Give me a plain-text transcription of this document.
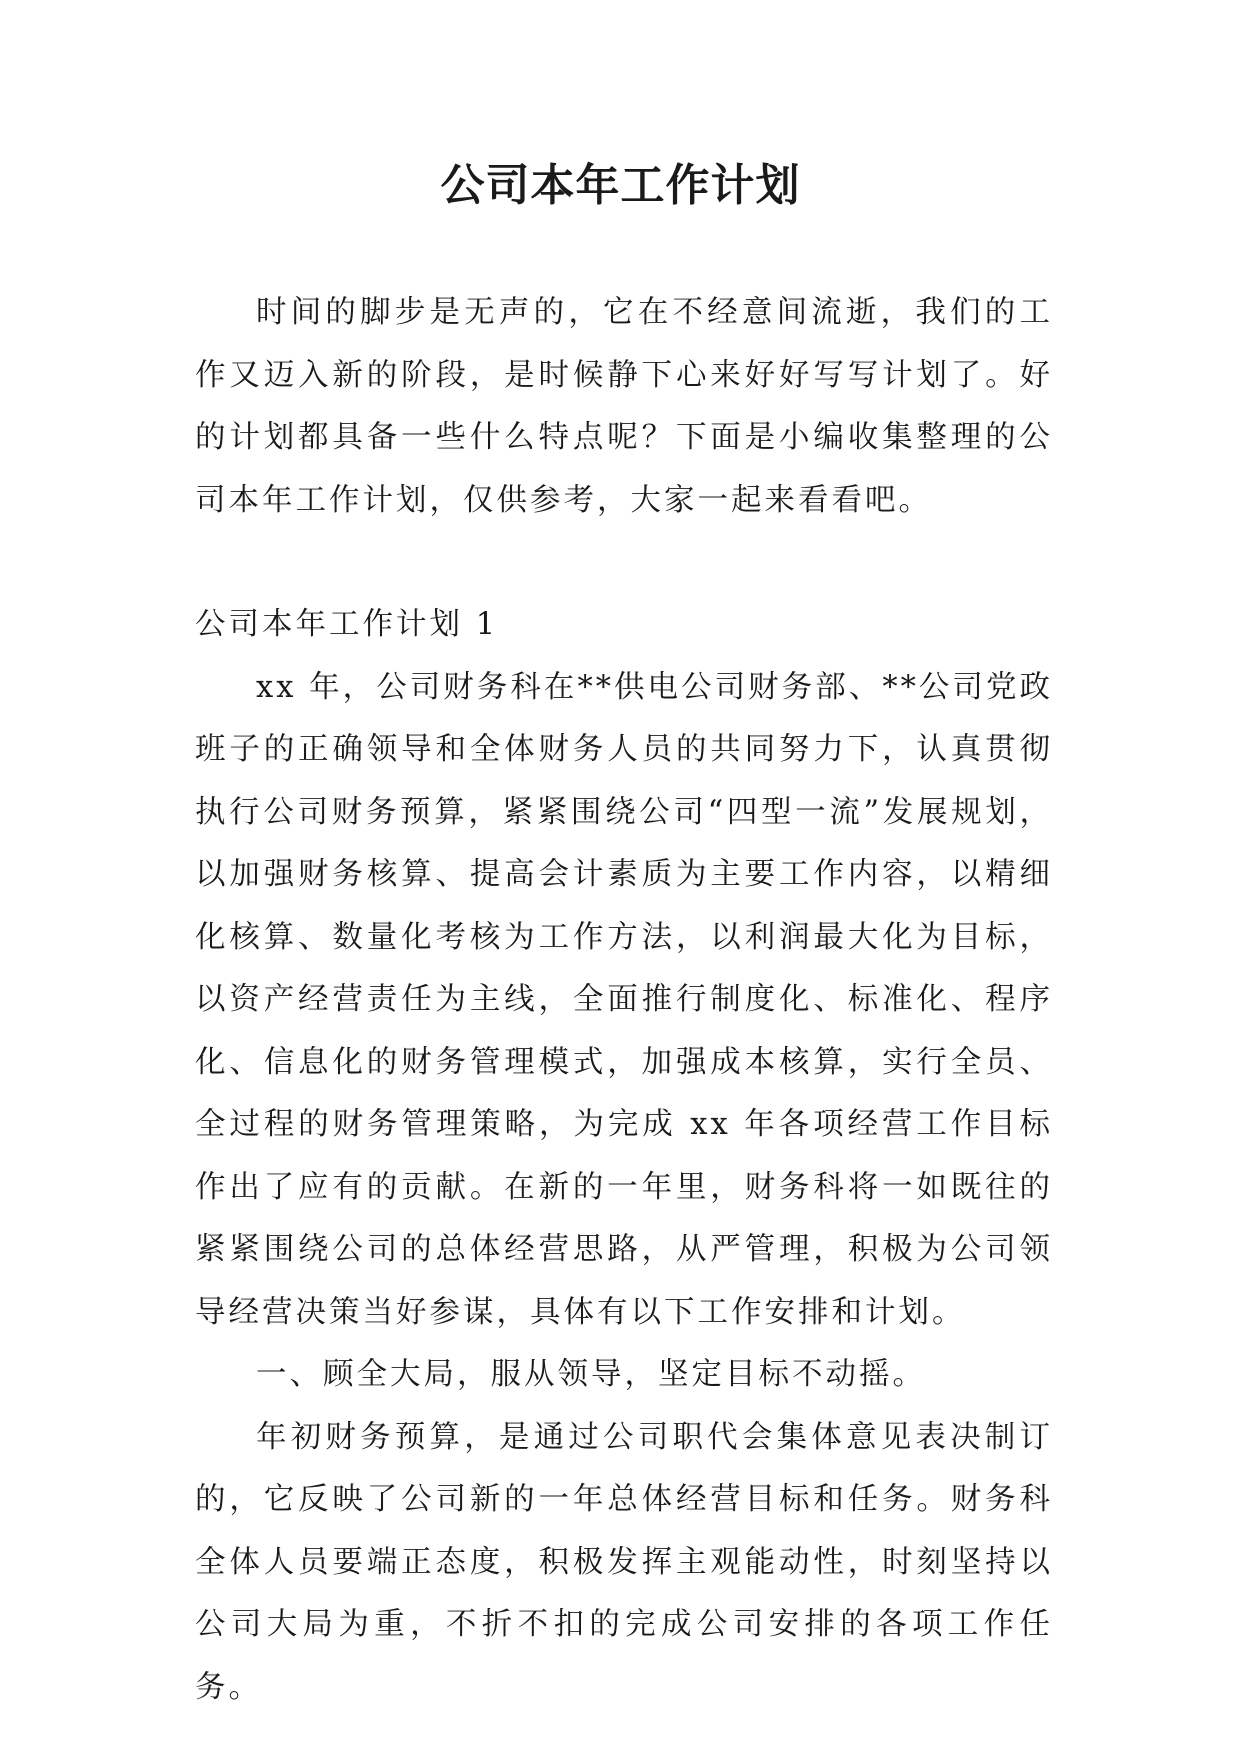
公司本年工作计划

时间的脚步是无声的，它在不经意间流逝，我们的工作又迈入新的阶段，是时候静下心来好好写写计划了。好的计划都具备一些什么特点呢？下面是小编收集整理的公司本年工作计划，仅供参考，大家一起来看看吧。

公司本年工作计划 1

xx 年，公司财务科在**供电公司财务部、**公司党政班子的正确领导和全体财务人员的共同努力下，认真贯彻执行公司财务预算，紧紧围绕公司“四型一流”发展规划，以加强财务核算、提高会计素质为主要工作内容，以精细化核算、数量化考核为工作方法，以利润最大化为目标，以资产经营责任为主线，全面推行制度化、标准化、程序化、信息化的财务管理模式，加强成本核算，实行全员、全过程的财务管理策略，为完成 xx 年各项经营工作目标作出了应有的贡献。在新的一年里，财务科将一如既往的紧紧围绕公司的总体经营思路，从严管理，积极为公司领导经营决策当好参谋，具体有以下工作安排和计划。

一、顾全大局，服从领导，坚定目标不动摇。

年初财务预算，是通过公司职代会集体意见表决制订的，它反映了公司新的一年总体经营目标和任务。财务科全体人员要端正态度，积极发挥主观能动性，时刻坚持以公司大局为重，不折不扣的完成公司安排的各项工作任务。
